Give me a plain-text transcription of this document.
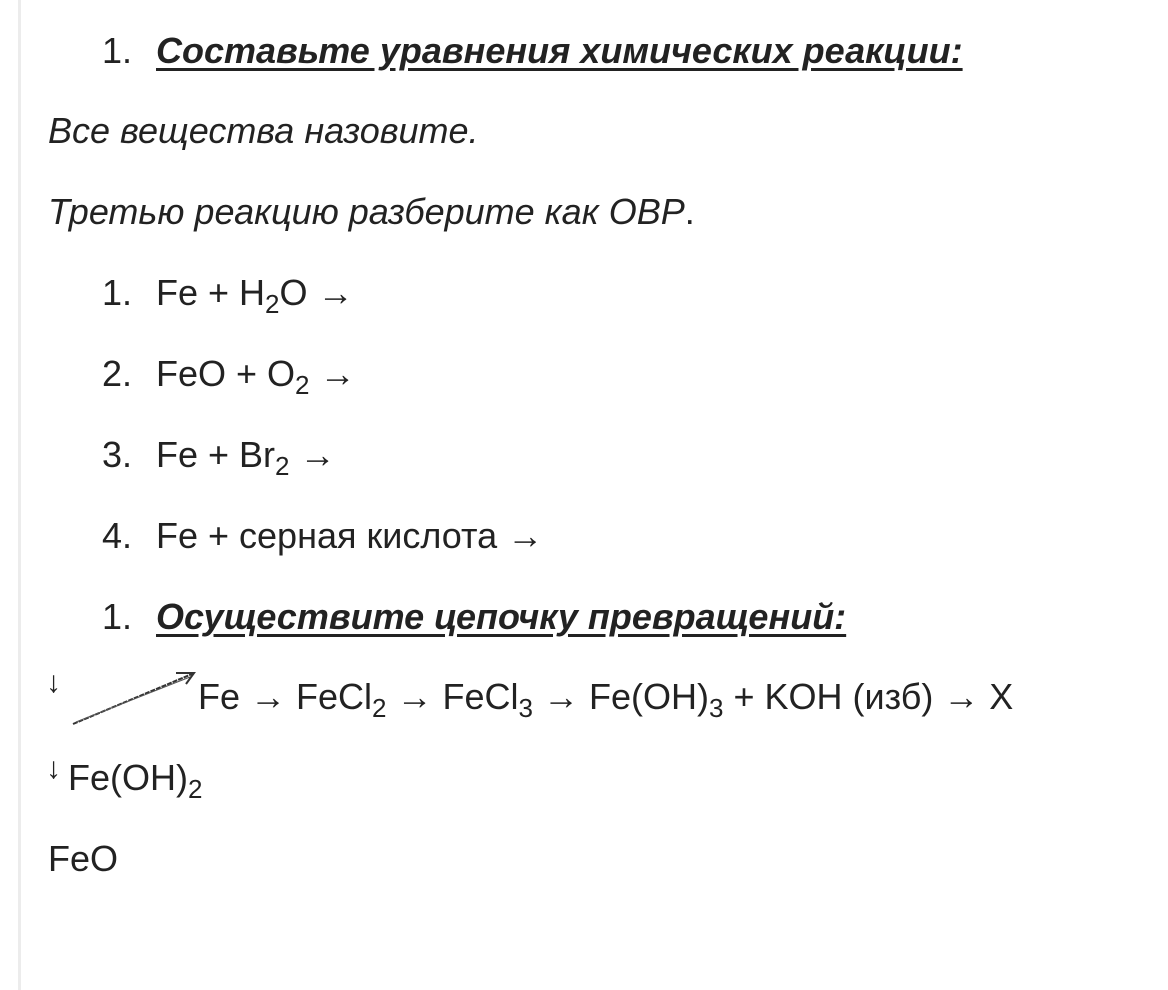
1. Составьте уравнения химических реакции:
Все вещества назовите.
Третью реакцию разберите как ОВР.
1. $Fe + H_2O$ →
2. FeO + $O_2$ →
3. $Fe + Br_2$ →
4. Fe + серная кислота →
1. Осуществите цепочку превращений:
↓	Fe → FeCl$_2$ → FeCl$_3$ → $Fe(OH)_3$ + KOH (изб) → X
↓ $Fe(OH)_2$
FeO
